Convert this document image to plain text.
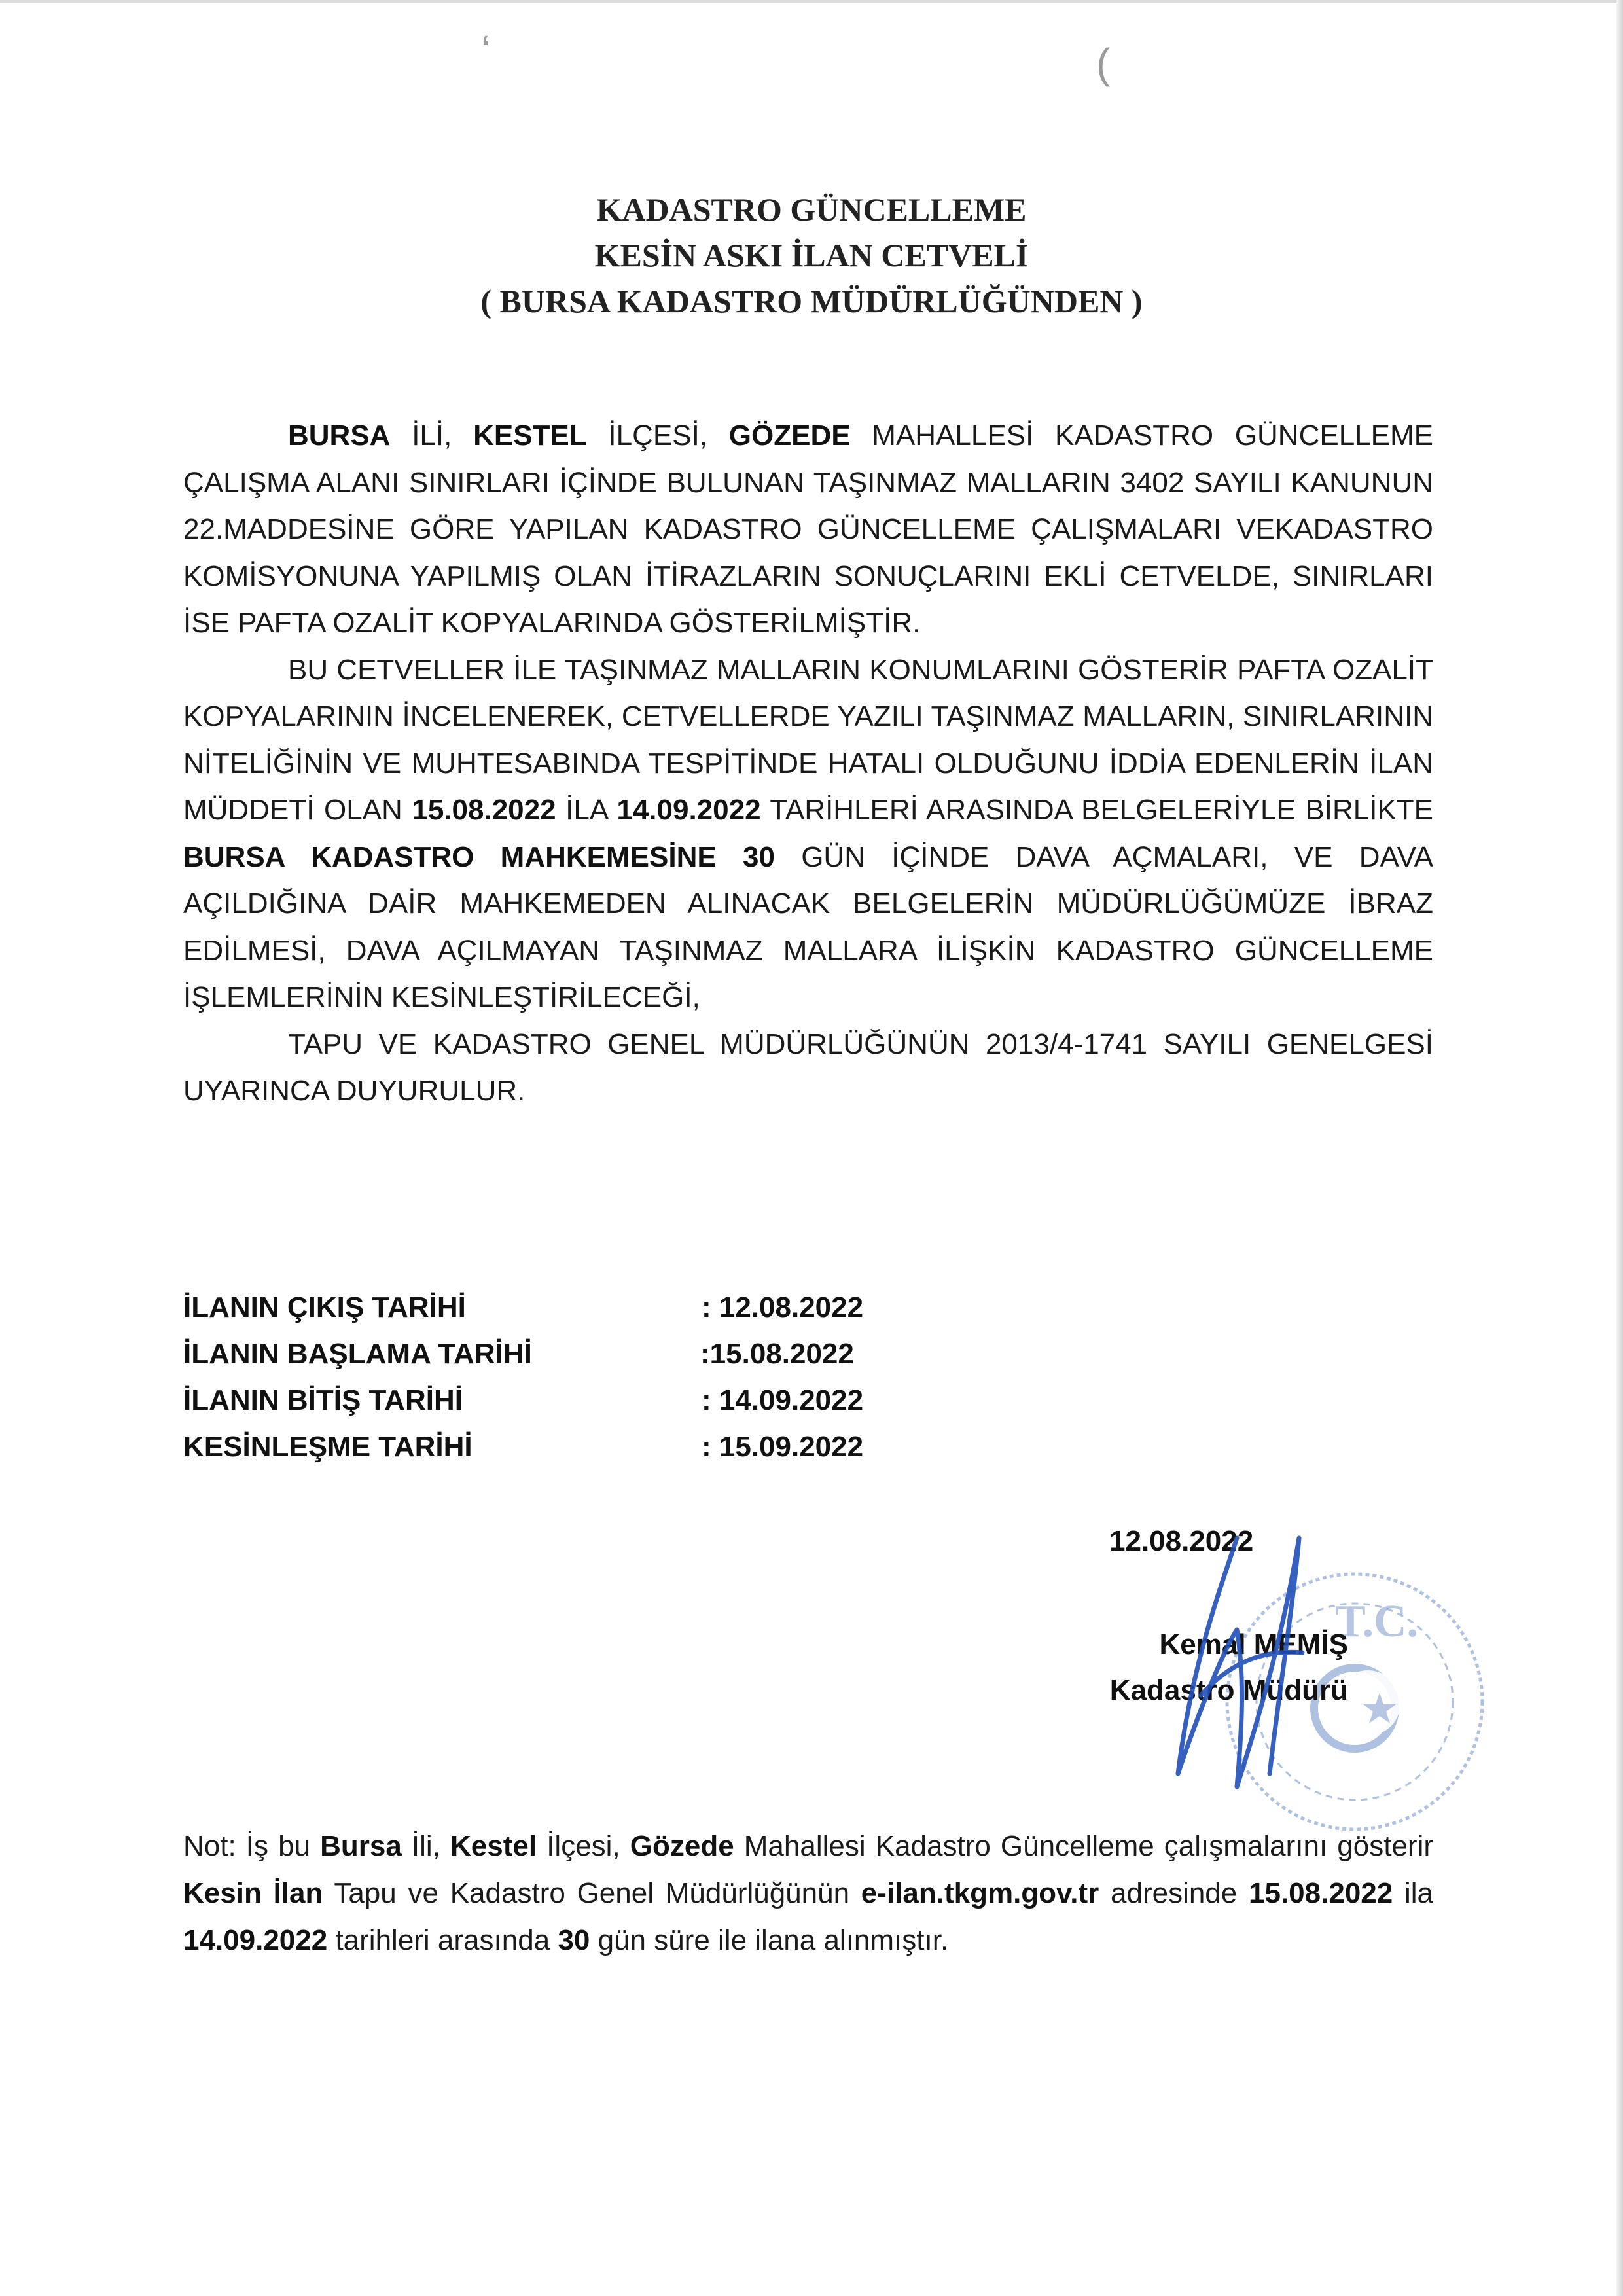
‘	(
KADASTRO GÜNCELLEME
KESİN ASKI İLAN CETVELİ
( BURSA KADASTRO MÜDÜRLÜĞÜNDEN )

BURSA İLİ, KESTEL İLÇESİ, GÖZEDE MAHALLESİ KADASTRO GÜNCELLEME ÇALIŞMA ALANI SINIRLARI İÇİNDE BULUNAN TAŞINMAZ MALLARIN 3402 SAYILI KANUNUN 22.MADDESİNE GÖRE YAPILAN KADASTRO GÜNCELLEME ÇALIŞMALARI VEKADASTRO KOMİSYONUNA YAPILMIŞ OLAN İTİRAZLARIN SONUÇLARINI EKLİ CETVELDE, SINIRLARI İSE PAFTA OZALİT KOPYALARINDA GÖSTERİLMİŞTİR.

BU CETVELLER İLE TAŞINMAZ MALLARIN KONUMLARINI GÖSTERİR PAFTA OZALİT KOPYALARININ İNCELENEREK, CETVELLERDE YAZILI TAŞINMAZ MALLARIN, SINIRLARININ NİTELİĞİNİN VE MUHTESABINDA TESPİTİNDE HATALI OLDUĞUNU İDDİA EDENLERİN İLAN MÜDDETİ OLAN 15.08.2022 İLA 14.09.2022 TARİHLERİ ARASINDA BELGELERİYLE BİRLİKTE BURSA KADASTRO MAHKEMESİNE 30 GÜN İÇİNDE DAVA AÇMALARI, VE DAVA AÇILDIĞINA DAİR MAHKEMEDEN ALINACAK BELGELERİN MÜDÜRLÜĞÜMÜZE İBRAZ EDİLMESİ, DAVA AÇILMAYAN TAŞINMAZ MALLARA İLİŞKİN KADASTRO GÜNCELLEME İŞLEMLERİNİN KESİNLEŞTİRİLECEĞİ,

TAPU VE KADASTRO GENEL MÜDÜRLÜĞÜNÜN 2013/4-1741 SAYILI GENELGESİ UYARINCA DUYURULUR.

İLANIN ÇIKIŞ TARİHİ	: 12.08.2022
İLANIN BAŞLAMA TARİHİ	:15.08.2022
İLANIN BİTİŞ TARİHİ	: 14.09.2022
KESİNLEŞME TARİHİ	: 15.09.2022
T.C.
12.08.2022
Kemal MEMİŞ
Kadastro Müdürü
Not: İş bu Bursa İli, Kestel İlçesi, Gözede Mahallesi Kadastro Güncelleme çalışmalarını gösterir Kesin İlan Tapu ve Kadastro Genel Müdürlüğünün e-ilan.tkgm.gov.tr adresinde 15.08.2022 ila 14.09.2022 tarihleri arasında 30 gün süre ile ilana alınmıştır.
